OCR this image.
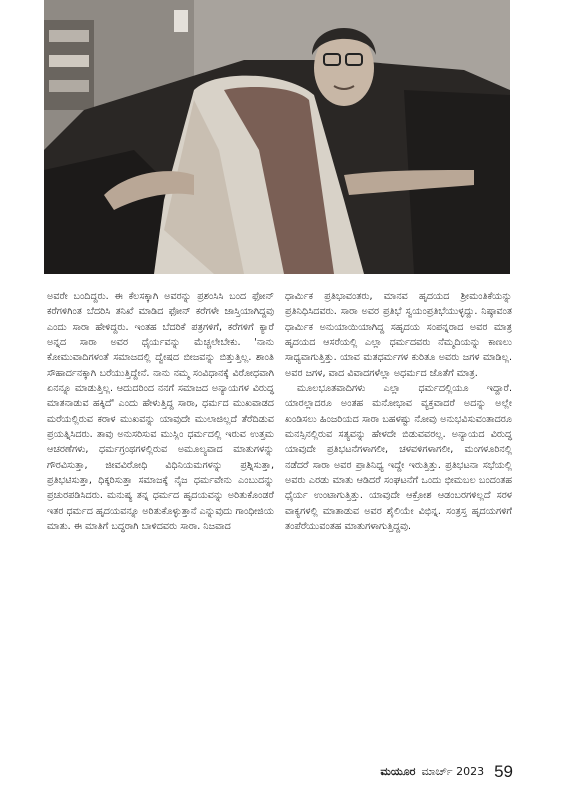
ಅವರೇ ಬಂದಿದ್ದರು. ಈ ಕೆಲಸಕ್ಕಾಗಿ ಅವರನ್ನು ಪ್ರಶಂಸಿಸಿ ಬಂದ ಫೋನ್ ಕರೆಗಳಿಗಿಂತ ಬೆದರಿಸಿ ತನಿಖೆ ಮಾಡಿದ ಫೋನ್ ಕರೆಗಳೇ ಜಾಸ್ತಿಯಾಗಿದ್ದವು ಎಂದು ಸಾರಾ ಹೇಳಿದ್ದರು. ಇಂತಹ ಬೆದರಿಕೆ ಪತ್ರಗಳಿಗೆ, ಕರೆಗಳಿಗೆ ಕ್ಯಾರೆ ಅನ್ನದ ಸಾರಾ ಅವರ ಧೈರ್ಯವನ್ನು ಮೆಚ್ಚಲೇಬೇಕು. 'ನಾನು ಕೋಮುವಾದಿಗಳಂತೆ ಸಮಾಜದಲ್ಲಿ ದ್ವೇಷದ ಬೀಜವನ್ನು ಬಿತ್ತುತ್ತಿಲ್ಲ. ಶಾಂತಿ ಸೌಹಾರ್ದನಕ್ಕಾಗಿ ಬರೆಯುತ್ತಿದ್ದೇನೆ. ನಾನು ನಮ್ಮ ಸಂವಿಧಾನಕ್ಕೆ ವಿರೋಧವಾಗಿ ಏನನ್ನೂ ಮಾಡುತ್ತಿಲ್ಲ. ಆದುದರಿಂದ ನನಗೆ ಸಮಾಜದ ಅನ್ಯಾಯಗಳ ವಿರುದ್ಧ ಮಾತನಾಡುವ ಹಕ್ಕಿದೆ' ಎಂದು ಹೇಳುತ್ತಿದ್ದ ಸಾರಾ, ಧರ್ಮದ ಮುಖವಾಡದ ಮರೆಯಲ್ಲಿರುವ ಕರಾಳ ಮುಖವನ್ನು ಯಾವುದೇ ಮುಲಾಜಿಲ್ಲದೆ ತೆರೆದಿಡುವ ಪ್ರಯತ್ನಿಸಿದರು. ತಾವು ಅನುಸರಿಸುವ ಮುಸ್ಲಿಂ ಧರ್ಮದಲ್ಲಿ ಇರುವ ಉತ್ತಮ ಆಚರಣೆಗಳು, ಧರ್ಮಗ್ರಂಥಗಳಲ್ಲಿರುವ ಅಮೂಲ್ಯವಾದ ಮಾತುಗಳನ್ನು ಗೌರವಿಸುತ್ತಾ, ಜೀವವಿರೋಧಿ ವಿಧಿನಿಯಮಗಳನ್ನು ಪ್ರಶ್ನಿಸುತ್ತಾ, ಪ್ರತಿಭಟಿಸುತ್ತಾ, ಧಿಕ್ಕರಿಸುತ್ತಾ ಸಮಾಜಕ್ಕೆ ನೈಜ ಧರ್ಮವೇನು ಎಂಬುದನ್ನು ಪ್ರಚುರಪಡಿಸಿದರು. ಮನುಷ್ಯ ತನ್ನ ಧರ್ಮದ ಹೃದಯವನ್ನು ಅರಿತುಕೊಂಡರೆ ಇತರ ಧರ್ಮದ ಹೃದಯವನ್ನೂ ಅರಿತುಕೊಳ್ಳುತ್ತಾನೆ ಎನ್ನುವುದು ಗಾಂಧೀಜಿಯ ಮಾತು. ಈ ಮಾತಿಗೆ ಬದ್ಧರಾಗಿ ಬಾಳಿದವರು ಸಾರಾ. ನಿಜವಾದ

ಧಾರ್ಮಿಕ ಪ್ರತಿಭಾವಂತರು, ಮಾನವ ಹೃದಯದ ಶ್ರೀಮಂತಿಕೆಯನ್ನು ಪ್ರತಿನಿಧಿಸಿದವರು. ಸಾರಾ ಅವರ ಪ್ರತಿಭೆ ಸ್ವಯಂಪ್ರತಿಭೆಯುಳ್ಳದ್ದು. ನಿಷ್ಠಾವಂತ ಧಾರ್ಮಿಕ ಅನುಯಾಯಿಯಾಗಿದ್ದ ಸಹೃದಯ ಸಂಪನ್ನರಾದ ಅವರ ಮಾತ್ರ ಹೃದಯದ ಆಸರೆಯಲ್ಲಿ ಎಲ್ಲಾ ಧರ್ಮದವರು ನೆಮ್ಮದಿಯನ್ನು ಕಾಣಲು ಸಾಧ್ಯವಾಗುತ್ತಿತ್ತು. ಯಾವ ಮತಧರ್ಮಗಳ ಕುರಿತೂ ಅವರು ಜಗಳ ಮಾಡಿಲ್ಲ. ಅವರ ಜಗಳ, ವಾದ ವಿವಾದಗಳೆಲ್ಲಾ ಅಧರ್ಮದ ಜೊತೆಗೆ ಮಾತ್ರ.

ಮೂಲಭೂತವಾದಿಗಳು ಎಲ್ಲಾ ಧರ್ಮದಲ್ಲಿಯೂ ಇದ್ದಾರೆ. ಯಾರಲ್ಲಾದರೂ ಅಂತಹ ಮನೋಭಾವ ವ್ಯಕ್ತವಾದರೆ ಅದನ್ನು ಅಲ್ಲೇ ಖಂಡಿಸಲು ಹಿಂಜರಿಯದ ಸಾರಾ ಬಹಳಷ್ಟು ನೋವು ಅನುಭವಿಸುವಂತಾದರೂ ಮನಸ್ಸಿನಲ್ಲಿರುವ ಸತ್ಯವನ್ನು ಹೇಳದೇ ಬಿಡುವವರಲ್ಲ. ಅನ್ಯಾಯದ ವಿರುದ್ಧ ಯಾವುದೇ ಪ್ರತಿಭಟನೆಗಳಾಗಲೀ, ಚಳವಳಿಗಳಾಗಲೀ, ಮಂಗಳೂರಿನಲ್ಲಿ ನಡೆದರೆ ಸಾರಾ ಅವರ ಪ್ರಾತಿನಿಧ್ಯ ಇದ್ದೇ ಇರುತ್ತಿತ್ತು. ಪ್ರತಿಭಟನಾ ಸಭೆಯಲ್ಲಿ ಅವರು ಎರಡು ಮಾತು ಆಡಿದರೆ ಸಂಘಟನೆಗೆ ಒಂದು ಭೀಮಬಲ ಬಂದಂತಹ ಧೈರ್ಯ ಉಂಟಾಗುತ್ತಿತ್ತು. ಯಾವುದೇ ಆಕ್ರೋಶ ಆಡಂಬರಗಳಿಲ್ಲದೆ ಸರಳ ವಾಕ್ಯಗಳಲ್ಲಿ ಮಾತಾಡುವ ಅವರ ಶೈಲಿಯೇ ವಿಭಿನ್ನ. ಸಂತ್ರಸ್ತ ಹೃದಯಗಳಿಗೆ ತಂಪೆರೆಯುವಂತಹ ಮಾತುಗಳಾಗುತ್ತಿದ್ದವು.

ಮಯೂರ ಮಾರ್ಚ್ 2023 59
